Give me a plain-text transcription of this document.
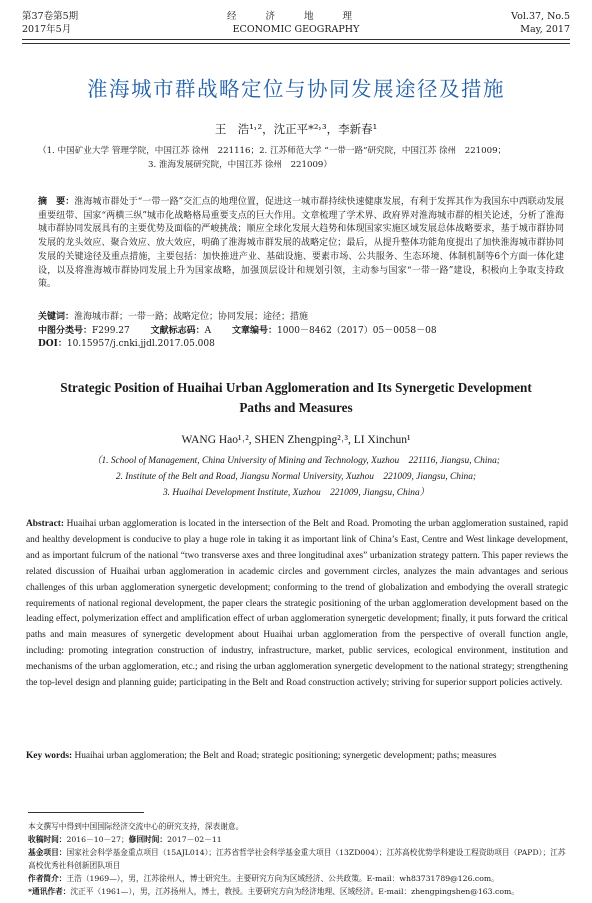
第37卷第5期
2017年5月
经 济 地 理
ECONOMIC GEOGRAPHY
Vol.37, No.5
May, 2017
淮海城市群战略定位与协同发展途径及措施
王　浩¹˒²，沈正平*²˒³，李新春¹
（1. 中国矿业大学 管理学院，中国江苏 徐州　221116；2. 江苏师范大学 “一带一路”研究院，中国江苏 徐州　221009；
3. 淮海发展研究院，中国江苏 徐州　221009）
摘　要：淮海城市群处于“一带一路”交汇点的地理位置，促进这一城市群持续快速健康发展，有利于发挥其作为我国东中西联动发展重要纽带、国家“两横三纵”城市化战略格局重要支点的巨大作用。文章梳理了学术界、政府界对淮海城市群的相关论述，分析了淮海城市群协同发展具有的主要优势及面临的严峻挑战；顺应全球化发展大趋势和体现国家实施区域发展总体战略要求，基于城市群协同发展的龙头效应、聚合效应、放大效应，明确了淮海城市群发展的战略定位；最后，从提升整体功能角度提出了加快淮海城市群协同发展的关键途径及重点措施，主要包括：加快推进产业、基础设施、要素市场、公共服务、生态环境、体制机制等6个方面一体化建设，以及将淮海城市群协同发展上升为国家战略，加强顶层设计和规划引领，主动参与国家“一带一路”建设，积极向上争取支持政策。
关键词：淮海城市群；一带一路；战略定位；协同发展；途径；措施
中图分类号：F299.27 文献标志码：A 文章编号：1000－8462（2017）05－0058－08
DOI：10.15957/j.cnki.jjdl.2017.05.008
Strategic Position of Huaihai Urban Agglomeration and Its Synergetic Development
Paths and Measures
WANG Hao¹˒², SHEN Zhengping²˒³, LI Xinchun¹
（1. School of Management, China University of Mining and Technology, Xuzhou　221116, Jiangsu, China;
2. Institute of the Belt and Road, Jiangsu Normal University, Xuzhou　221009, Jiangsu, China;
3. Huaihai Development Institute, Xuzhou　221009, Jiangsu, China）
Abstract: Huaihai urban agglomeration is located in the intersection of the Belt and Road. Promoting the urban agglomeration sustained, rapid and healthy development is conducive to play a huge role in taking it as important link of China’s East, Centre and West linkage development, and as important fulcrum of the national “two transverse axes and three longitudinal axes” urbanization strategy pattern. This paper reviews the related discussion of Huaihai urban agglomeration in academic circles and government circles, analyzes the main advantages and serious challenges of this urban agglomeration synergetic development; conforming to the trend of globalization and embodying the overall strategic requirements of national regional development, the paper clears the strategic positioning of the urban agglomeration development based on the leading effect, polymerization effect and amplification effect of urban agglomeration synergetic development; finally, it puts forward the critical paths and main measures of synergetic development about Huaihai urban agglomeration from the perspective of overall function angle, including: promoting integration construction of industry, infrastructure, market, public services, ecological environment, institution and mechanisms of the urban agglomeration, etc.; and rising the urban agglomeration synergetic development to the national strategy; strengthening the top-level design and planning guide; participating in the Belt and Road construction actively; striving for superior support policies actively.
Key words: Huaihai urban agglomeration; the Belt and Road; strategic positioning; synergetic development; paths; measures
本文撰写中得到中国国际经济交流中心的研究支持，深表谢意。
收稿时间：2016－10－27；修回时间：2017－02－11
基金项目：国家社会科学基金重点项目（15AJL014）；江苏省哲学社会科学基金重大项目（13ZD004）；江苏高校优势学科建设工程资助项目（PAPD）；江苏高校优秀社科创新团队项目
作者简介：王浩（1969—），男，江苏徐州人，博士研究生。主要研究方向为区域经济、公共政策。E-mail：wh837317​89@126.com。
*通讯作者：沈正平（1961—），男，江苏扬州人，博士，教授。主要研究方向为经济地理、区域经济。E-mail：zhengpingshen@163.com。
